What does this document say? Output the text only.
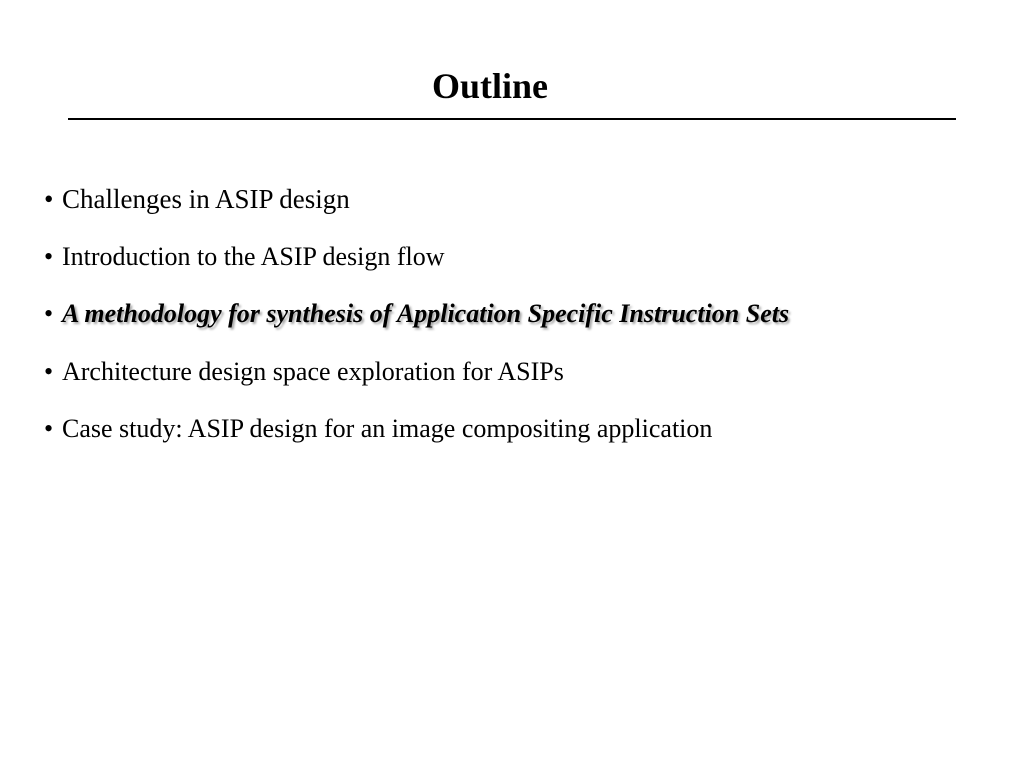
Outline
• Challenges in ASIP design
• Introduction to the ASIP design flow
• A methodology for synthesis of Application Specific Instruction Sets
• Architecture design space exploration for ASIPs
• Case study: ASIP design for an image compositing application
